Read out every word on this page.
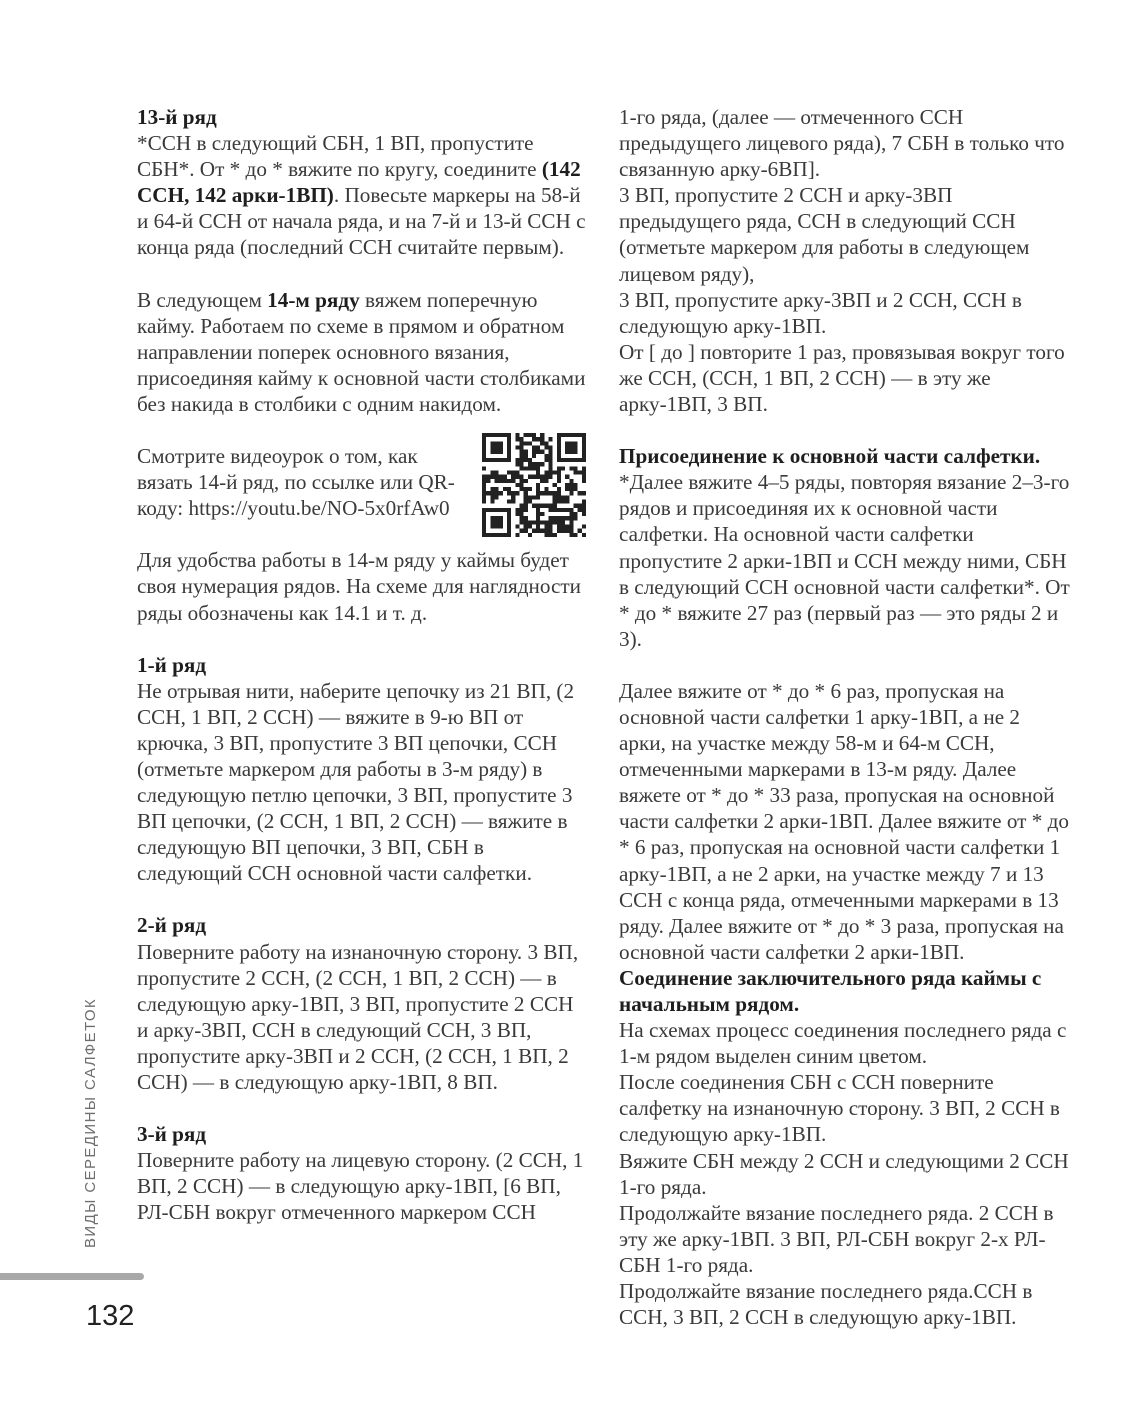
ВИДЫ СЕРЕДИНЫ САЛФЕТОК
132

13-й ряд

*ССН в следующий СБН, 1 ВП, пропустите СБН*. От * до * вяжите по кругу, соедините (142 ССН, 142 арки-1ВП). Повесьте маркеры на 58-й и 64-й ССН от начала ряда, и на 7-й и 13-й ССН с конца ряда (последний ССН считайте первым).

В следующем 14-м ряду вяжем поперечную кайму. Работаем по схеме в прямом и обратном направлении поперек основного вязания, присоединяя кайму к основной части столбиками без накида в столбики с одним накидом.

Смотрите видеоурок о том, как вязать 14-й ряд, по ссылке или QR-коду: https://youtu.be/NO-5x0rfAw0

Для удобства работы в 14-м ряду у каймы будет своя нумерация рядов. На схеме для наглядности ряды обозначены как 14.1 и т. д.

1-й ряд

Не отрывая нити, наберите цепочку из 21 ВП, (2 ССН, 1 ВП, 2 ССН) — вяжите в 9-ю ВП от крючка, 3 ВП, пропустите 3 ВП цепочки, ССН (отметьте маркером для работы в 3-м ряду) в следующую петлю цепочки, 3 ВП, пропустите 3 ВП цепочки, (2 ССН, 1 ВП, 2 ССН) — вяжите в следующую ВП цепочки, 3 ВП, СБН в следующий ССН основной части салфетки.

2-й ряд

Поверните работу на изнаночную сторону. 3 ВП, пропустите 2 ССН, (2 ССН, 1 ВП, 2 ССН) — в следующую арку-1ВП, 3 ВП, пропустите 2 ССН и арку-3ВП, ССН в следующий ССН, 3 ВП, пропустите арку-3ВП и 2 ССН, (2 ССН, 1 ВП, 2 ССН) — в следующую арку-1ВП, 8 ВП.

3-й ряд

Поверните работу на лицевую сторону. (2 ССН, 1 ВП, 2 ССН) — в следующую арку-1ВП, [6 ВП, РЛ-СБН вокруг отмеченного маркером ССН

1-го ряда, (далее — отмеченного ССН предыдущего лицевого ряда), 7 СБН в только что связанную арку-6ВП].

3 ВП, пропустите 2 ССН и арку-3ВП предыдущего ряда, ССН в следующий ССН (отметьте маркером для работы в следующем лицевом ряду),

3 ВП, пропустите арку-3ВП и 2 ССН, ССН в следующую арку-1ВП.

От [ до ] повторите 1 раз, провязывая вокруг того же ССН, (ССН, 1 ВП, 2 ССН) — в эту же арку-1ВП, 3 ВП.

Присоединение к основной части салфетки. *Далее вяжите 4–5 ряды, повторяя вязание 2–3-го рядов и присоединяя их к основной части салфетки. На основной части салфетки пропустите 2 арки-1ВП и ССН между ними, СБН в следующий ССН основной части салфетки*. От * до * вяжите 27 раз (первый раз — это ряды 2 и 3).

Далее вяжите от * до * 6 раз, пропуская на основной части салфетки 1 арку-1ВП, а не 2 арки, на участке между 58-м и 64-м ССН, отмеченными маркерами в 13-м ряду. Далее вяжете от * до * 33 раза, пропуская на основной части салфетки 2 арки-1ВП. Далее вяжите от * до * 6 раз, пропуская на основной части салфетки 1 арку-1ВП, а не 2 арки, на участке между 7 и 13 ССН с конца ряда, отмеченными маркерами в 13 ряду. Далее вяжите от * до * 3 раза, пропуская на основной части салфетки 2 арки-1ВП.

Соединение заключительного ряда каймы с начальным рядом.

На схемах процесс соединения последнего ряда с 1-м рядом выделен синим цветом.

После соединения СБН с ССН поверните салфетку на изнаночную сторону. 3 ВП, 2 ССН в следующую арку-1ВП.

Вяжите СБН между 2 ССН и следующими 2 ССН 1-го ряда.

Продолжайте вязание последнего ряда. 2 ССН в эту же арку-1ВП. 3 ВП, РЛ-СБН вокруг 2-х РЛ-СБН 1-го ряда.

Продолжайте вязание последнего ряда.ССН в ССН, 3 ВП, 2 ССН в следующую арку-1ВП.
